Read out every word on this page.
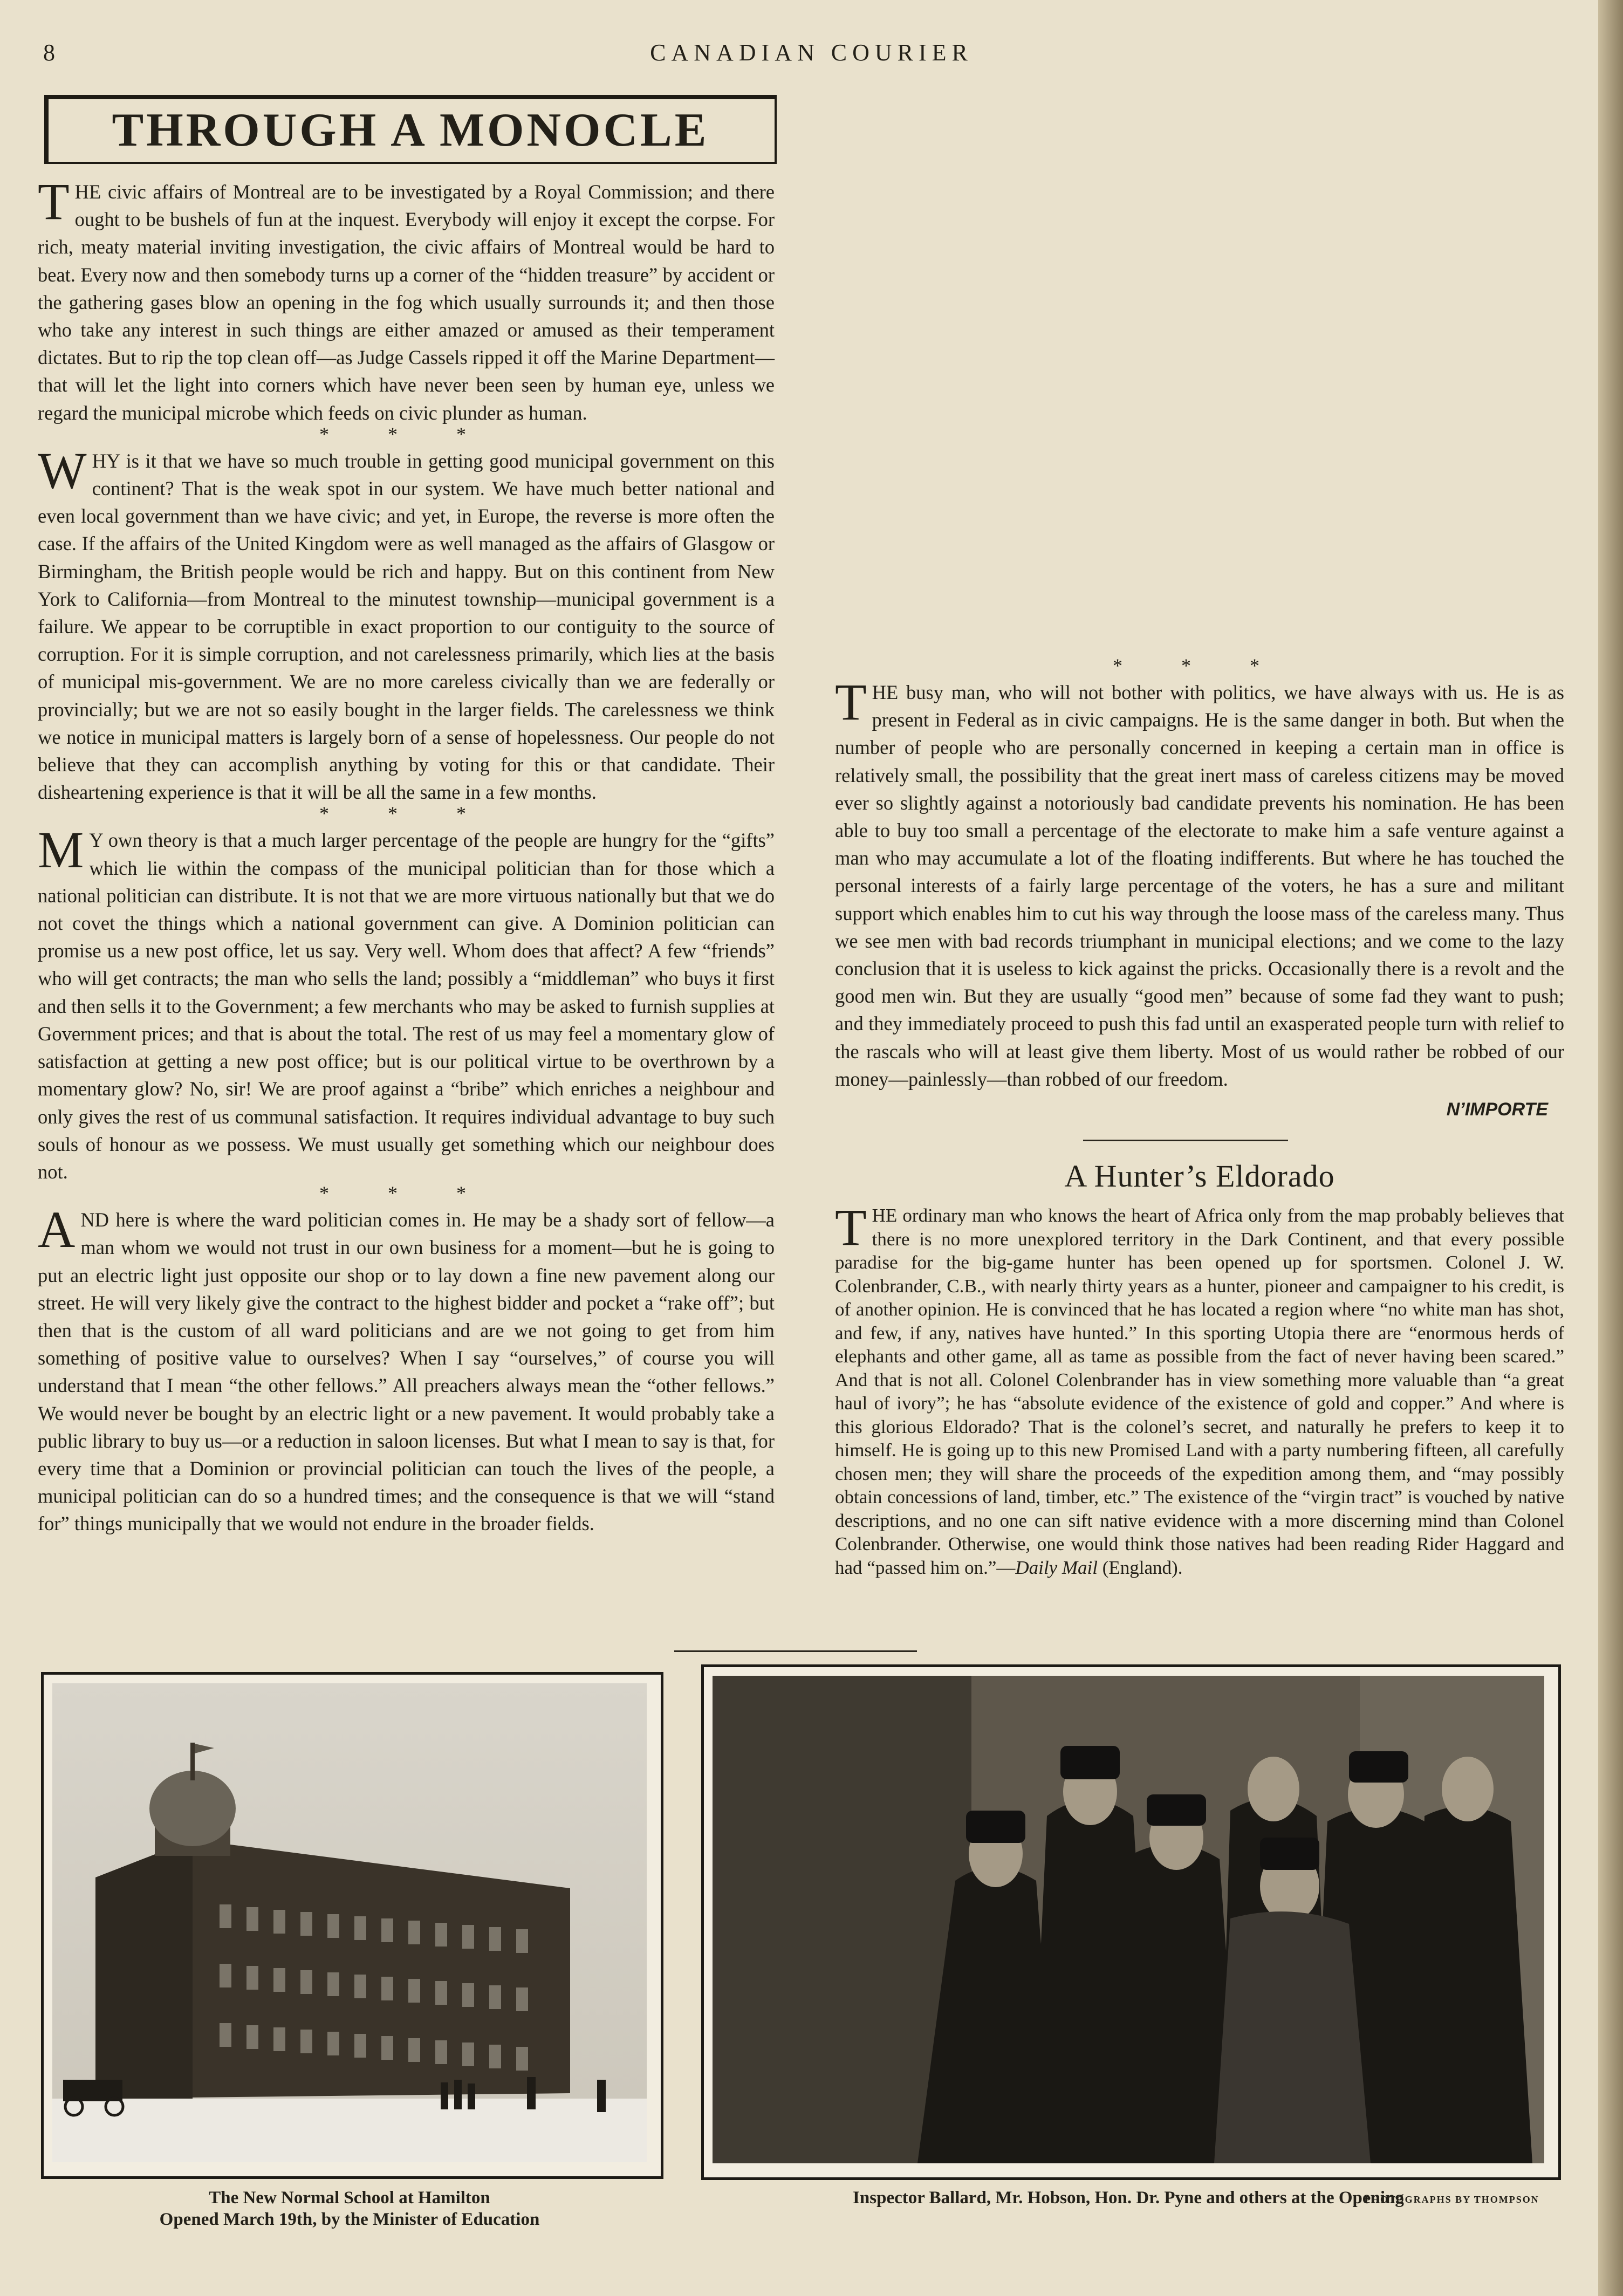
8	CANADIAN COURIER
THROUGH A MONOCLE

THE civic affairs of Montreal are to be investigated by a Royal Commission; and there ought to be bushels of fun at the inquest. Everybody will enjoy it except the corpse. For rich, meaty material inviting investigation, the civic affairs of Montreal would be hard to beat. Every now and then somebody turns up a corner of the “hidden treasure” by accident or the gathering gases blow an opening in the fog which usually surrounds it; and then those who take any interest in such things are either amazed or amused as their temperament dictates. But to rip the top clean off—as Judge Cassels ripped it off the Marine Department—that will let the light into corners which have never been seen by human eye, unless we regard the municipal microbe which feeds on civic plunder as human.

* * *

WHY is it that we have so much trouble in getting good municipal government on this continent? That is the weak spot in our system. We have much better national and even local government than we have civic; and yet, in Europe, the reverse is more often the case. If the affairs of the United Kingdom were as well managed as the affairs of Glasgow or Birmingham, the British people would be rich and happy. But on this continent from New York to California—from Montreal to the minutest township—municipal government is a failure. We appear to be corruptible in exact proportion to our contiguity to the source of corruption. For it is simple corruption, and not carelessness primarily, which lies at the basis of municipal mis-government. We are no more careless civically than we are federally or provincially; but we are not so easily bought in the larger fields. The carelessness we think we notice in municipal matters is largely born of a sense of hopelessness. Our people do not believe that they can accomplish anything by voting for this or that candidate. Their disheartening experience is that it will be all the same in a few months.

* * *

M Y own theory is that a much larger percentage of the people are hungry for the “gifts” which lie within the compass of the municipal politician than for those which a national politician can distribute. It is not that we are more virtuous nationally but that we do not covet the things which a national government can give. A Dominion politician can promise us a new post office, let us say. Very well. Whom does that affect? A few “friends” who will get contracts; the man who sells the land; possibly a “middleman” who buys it first and then sells it to the Government; a few merchants who may be asked to furnish supplies at Government prices; and that is about the total. The rest of us may feel a momentary glow of satisfaction at getting a new post office; but is our political virtue to be overthrown by a momentary glow? No, sir! We are proof against a “bribe” which enriches a neighbour and only gives the rest of us communal satisfaction. It requires individual advantage to buy such souls of honour as we possess. We must usually get something which our neighbour does not.

* * *

AND here is where the ward politician comes in. He may be a shady sort of fellow—a man whom we would not trust in our own business for a moment—but he is going to put an electric light just opposite our shop or to lay down a fine new pavement along our street. He will very likely give the contract to the highest bidder and pocket a “rake off”; but then that is the custom of all ward politicians and are we not going to get from him something of positive value to ourselves? When I say “ourselves,” of course you will understand that I mean “the other fellows.” All preachers always mean the “other fellows.” We would never be bought by an electric light or a new pavement. It would probably take a public library to buy us—or a reduction in saloon licenses. But what I mean to say is that, for every time that a Dominion or provincial politician can touch the lives of the people, a municipal politician can do so a hundred times; and the consequence is that we will “stand for” things municipally that we would not endure in the broader fields.

* * *

THE busy man, who will not bother with politics, we have always with us. He is as present in Federal as in civic campaigns. He is the same danger in both. But when the number of people who are personally concerned in keeping a certain man in office is relatively small, the possibility that the great inert mass of careless citizens may be moved ever so slightly against a notoriously bad candidate prevents his nomination. He has been able to buy too small a percentage of the electorate to make him a safe venture against a man who may accumulate a lot of the floating indifferents. But where he has touched the personal interests of a fairly large percentage of the voters, he has a sure and militant support which enables him to cut his way through the loose mass of the careless many. Thus we see men with bad records triumphant in municipal elections; and we come to the lazy conclusion that it is useless to kick against the pricks. Occasionally there is a revolt and the good men win. But they are usually “good men” because of some fad they want to push; and they immediately proceed to push this fad until an exasperated people turn with relief to the rascals who will at least give them liberty. Most of us would rather be robbed of our money—painlessly—than robbed of our freedom.

N’IMPORTE
A Hunter’s Eldorado

THE ordinary man who knows the heart of Africa only from the map probably believes that there is no more unexplored territory in the Dark Continent, and that every possible paradise for the big-game hunter has been opened up for sportsmen. Colonel J. W. Colenbrander, C.B., with nearly thirty years as a hunter, pioneer and campaigner to his credit, is of another opinion. He is convinced that he has located a region where “no white man has shot, and few, if any, natives have hunted.” In this sporting Utopia there are “enormous herds of elephants and other game, all as tame as possible from the fact of never having been scared.” And that is not all. Colonel Colenbrander has in view something more valuable than “a great haul of ivory”; he has “absolute evidence of the existence of gold and copper.” And where is this glorious Eldorado? That is the colonel’s secret, and naturally he prefers to keep it to himself. He is going up to this new Promised Land with a party numbering fifteen, all carefully chosen men; they will share the proceeds of the expedition among them, and “may possibly obtain concessions of land, timber, etc.” The existence of the “virgin tract” is vouched by native descriptions, and no one can sift native evidence with a more discerning mind than Colonel Colenbrander. Otherwise, one would think those natives had been reading Rider Haggard and had “passed him on.”—Daily Mail (England).

The New Normal School at Hamilton
Opened March 19th, by the Minister of Education
Inspector Ballard, Mr. Hobson, Hon. Dr. Pyne and others at the Opening
PHOTOGRAPHS BY THOMPSON
